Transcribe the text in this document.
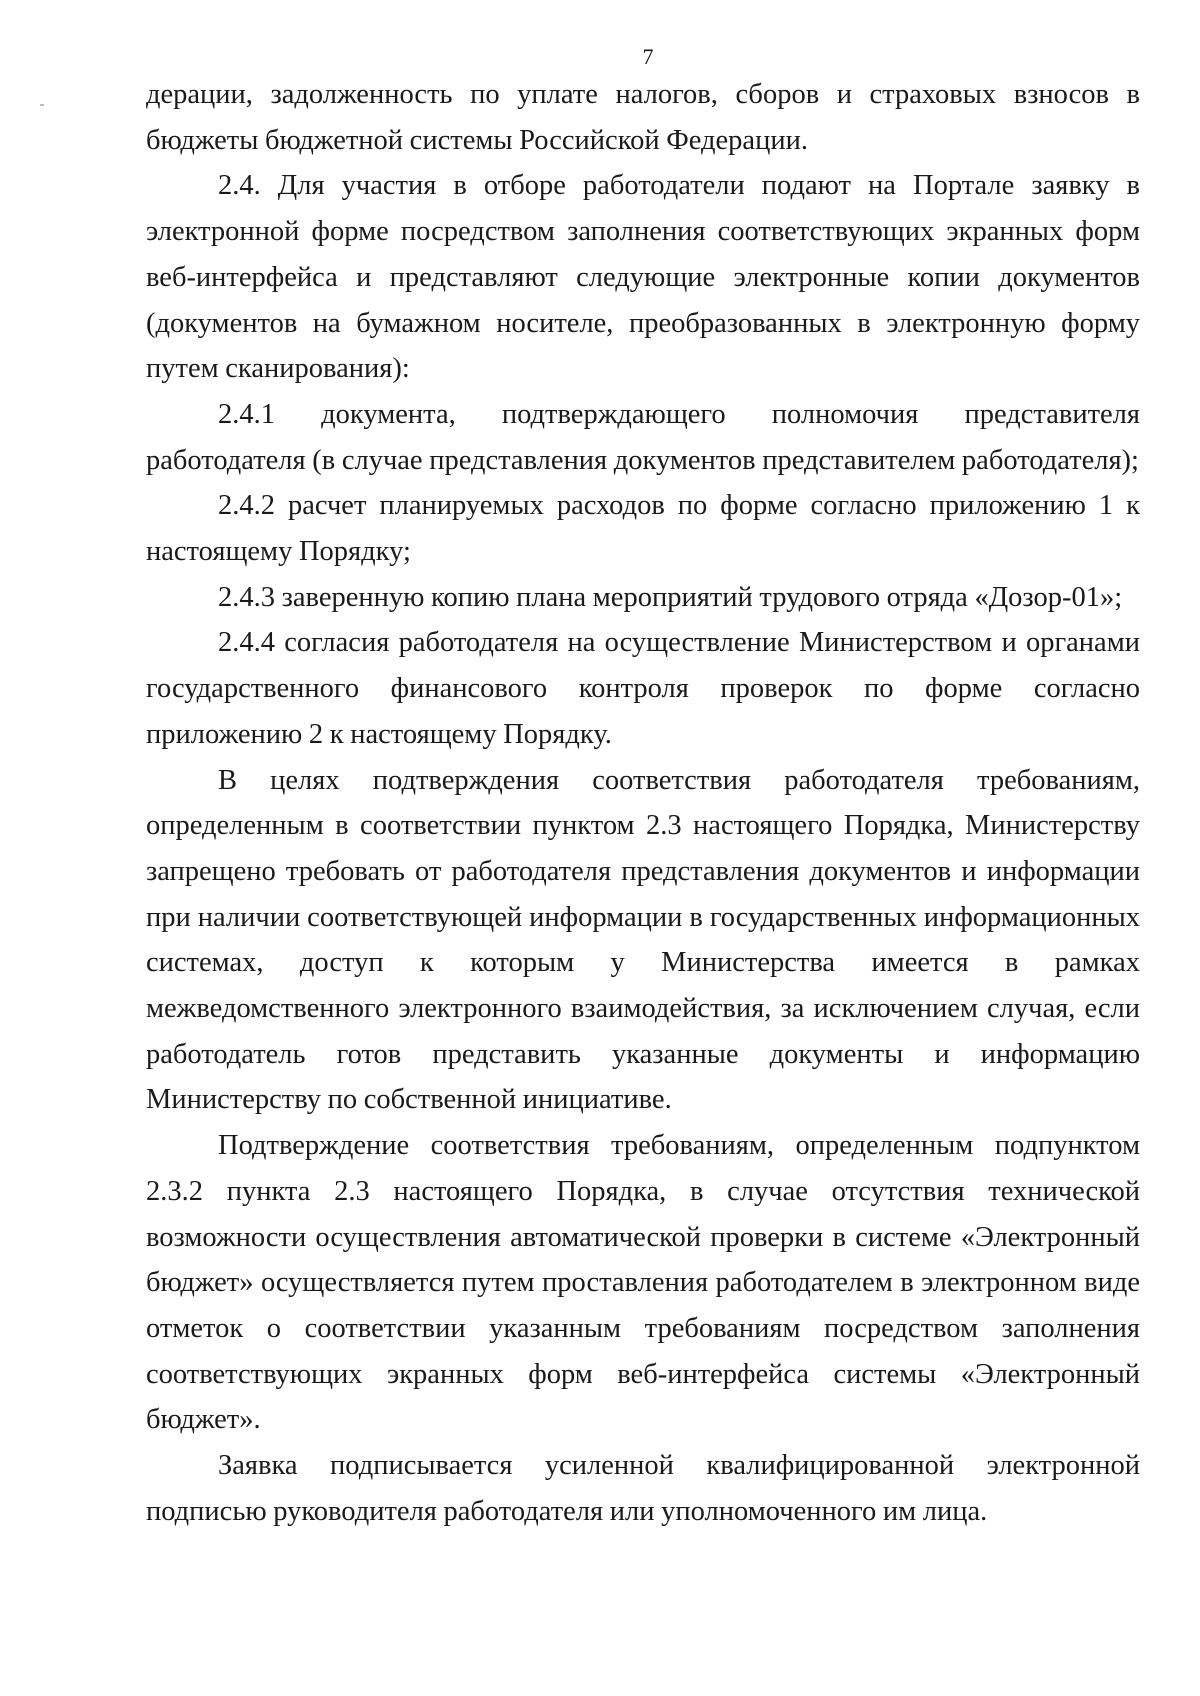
7

дерации, задолженность по уплате налогов, сборов и страховых взносов в бюджеты бюджетной системы Российской Федерации.

2.4. Для участия в отборе работодатели подают на Портале заявку в электронной форме посредством заполнения соответствующих экранных форм веб-интерфейса и представляют следующие электронные копии документов (документов на бумажном носителе, преобразованных в электронную форму путем сканирования):

2.4.1 документа, подтверждающего полномочия представителя работодателя (в случае представления документов представителем работодателя);

2.4.2 расчет планируемых расходов по форме согласно приложению 1 к настоящему Порядку;

2.4.3 заверенную копию плана мероприятий трудового отряда «Дозор-01»;

2.4.4 согласия работодателя на осуществление Министерством и органами государственного финансового контроля проверок по форме согласно приложению 2 к настоящему Порядку.

В целях подтверждения соответствия работодателя требованиям, определенным в соответствии пунктом 2.3 настоящего Порядка, Министерству запрещено требовать от работодателя представления документов и информации при наличии соответствующей информации в государственных информационных системах, доступ к которым у Министерства имеется в рамках межведомственного электронного взаимодействия, за исключением случая, если работодатель готов представить указанные документы и информацию Министерству по собственной инициативе.

Подтверждение соответствия требованиям, определенным подпунктом 2.3.2 пункта 2.3 настоящего Порядка, в случае отсутствия технической возможности осуществления автоматической проверки в системе «Электронный бюджет» осуществляется путем проставления работодателем в электронном виде отметок о соответствии указанным требованиям посредством заполнения соответствующих экранных форм веб-интерфейса системы «Электронный бюджет».

Заявка подписывается усиленной квалифицированной электронной подписью руководителя работодателя или уполномоченного им лица.
